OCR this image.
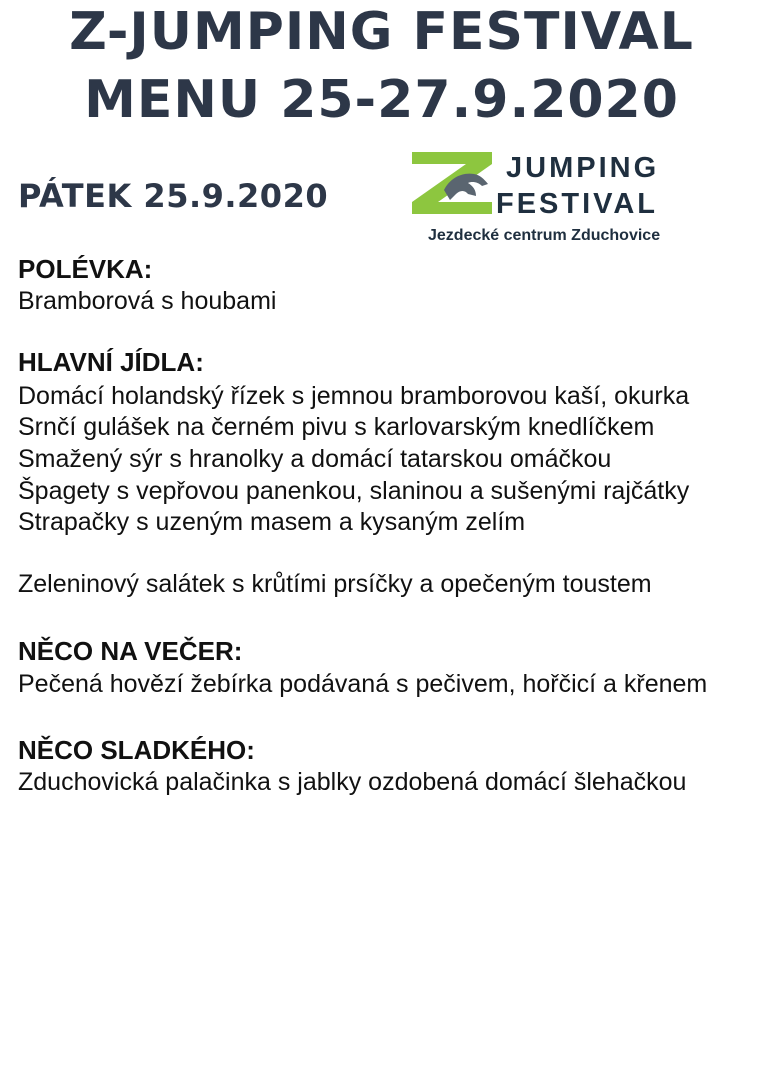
Z-JUMPING FESTIVAL
MENU 25-27.9.2020
PÁTEK 25.9.2020
JUMPING
FESTIVAL
Jezdecké centrum Zduchovice
POLÉVKA:
Bramborová s houbami
HLAVNÍ JÍDLA:
Domácí holandský řízek s jemnou bramborovou kaší, okurka
Srnčí gulášek na černém pivu s karlovarským knedlíčkem
Smažený sýr s hranolky a domácí tatarskou omáčkou
Špagety s vepřovou panenkou, slaninou a sušenými rajčátky
Strapačky s uzeným masem a kysaným zelím
Zeleninový salátek s krůtími prsíčky a opečeným toustem
NĚCO NA VEČER:
Pečená hovězí žebírka podávaná s pečivem, hořčicí a křenem
NĚCO SLADKÉHO:
Zduchovická palačinka s jablky ozdobená domácí šlehačkou
